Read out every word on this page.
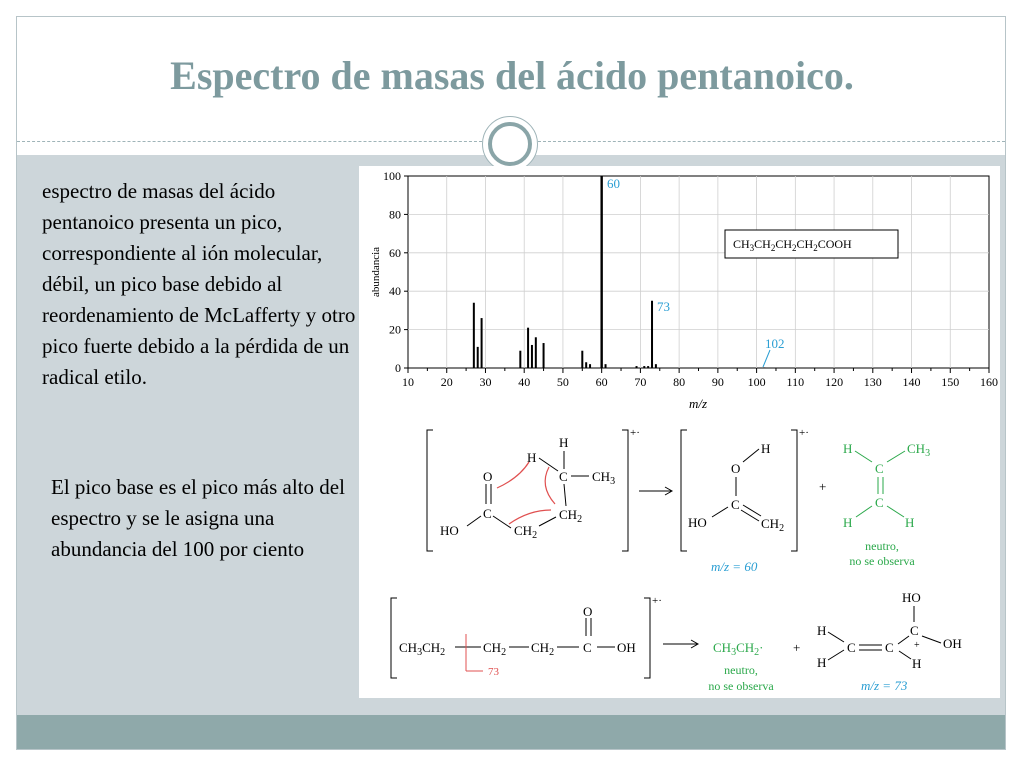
Espectro de masas del ácido pentanoico.
espectro de masas del ácido pentanoico presenta un pico, correspondiente al ión molecular, débil, un pico base debido al reordenamiento de McLafferty y otro pico fuerte debido a la pérdida de un radical etilo.
El pico base es el pico más alto del espectro y se le asigna una abundancia del 100 por ciento
0
20
40
60
80
100
10 20 30 40 50 60 70 80 90 100 110 120 130 140 150 160
abundancia
m/z
60
73
102
$CH_3CH_2CH_2CH_2COOH$
+·
H
H
C $CH_3$
$CH_2$
$CH_2$
C
O
HO
+·
H
O
C
HO	$CH_2$
m/z = 60
+
H	$CH_3$
C
C
H	H
neutro,
no se observa
+·
$CH_3CH_2$
73
$CH_2$ $CH_2$ C
O
OH	$CH_3CH_2\cdot$
neutro,
no se observa
+
H
H
C C
HO
C
+ OH
H
m/z = 73
